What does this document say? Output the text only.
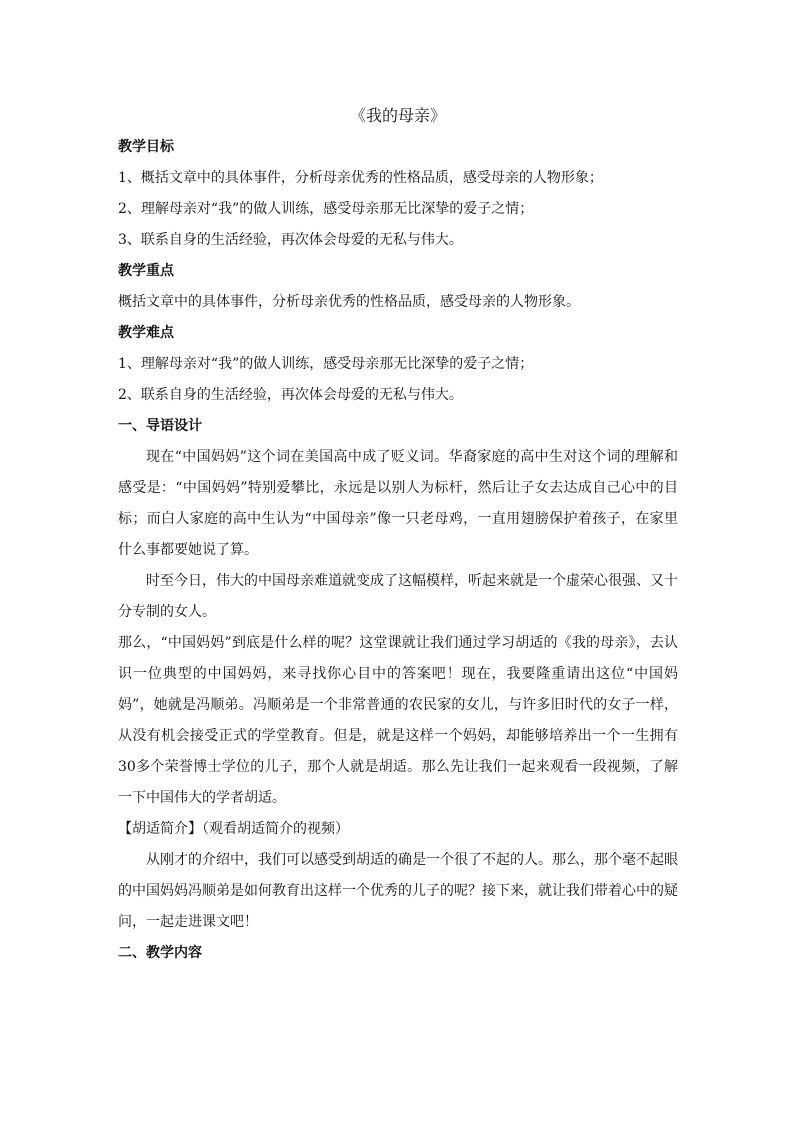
《我的母亲》

教学目标

1、概括文章中的具体事件，分析母亲优秀的性格品质，感受母亲的人物形象；

2、理解母亲对“我”的做人训练，感受母亲那无比深挚的爱子之情；

3、联系自身的生活经验，再次体会母爱的无私与伟大。

教学重点

概括文章中的具体事件，分析母亲优秀的性格品质，感受母亲的人物形象。

教学难点

1、理解母亲对“我”的做人训练，感受母亲那无比深挚的爱子之情；

2、联系自身的生活经验，再次体会母爱的无私与伟大。

一、导语设计

现在“中国妈妈”这个词在美国高中成了贬义词。华裔家庭的高中生对这个词的理解和感受是：“中国妈妈”特别爱攀比，永远是以别人为标杆，然后让子女去达成自己心中的目标；而白人家庭的高中生认为“中国母亲”像一只老母鸡，一直用翅膀保护着孩子，在家里什么事都要她说了算。

时至今日，伟大的中国母亲难道就变成了这幅模样，听起来就是一个虚荣心很强、又十分专制的女人。

那么，“中国妈妈”到底是什么样的呢？这堂课就让我们通过学习胡适的《我的母亲》，去认识一位典型的中国妈妈，来寻找你心目中的答案吧！现在，我要隆重请出这位“中国妈妈”，她就是冯顺弟。冯顺弟是一个非常普通的农民家的女儿，与许多旧时代的女子一样，从没有机会接受正式的学堂教育。但是，就是这样一个妈妈，却能够培养出一个一生拥有30多个荣誉博士学位的儿子，那个人就是胡适。那么先让我们一起来观看一段视频，了解一下中国伟大的学者胡适。

【胡适简介】（观看胡适简介的视频）

从刚才的介绍中，我们可以感受到胡适的确是一个很了不起的人。那么，那个毫不起眼的中国妈妈冯顺弟是如何教育出这样一个优秀的儿子的呢？接下来，就让我们带着心中的疑问，一起走进课文吧！

二、教学内容
